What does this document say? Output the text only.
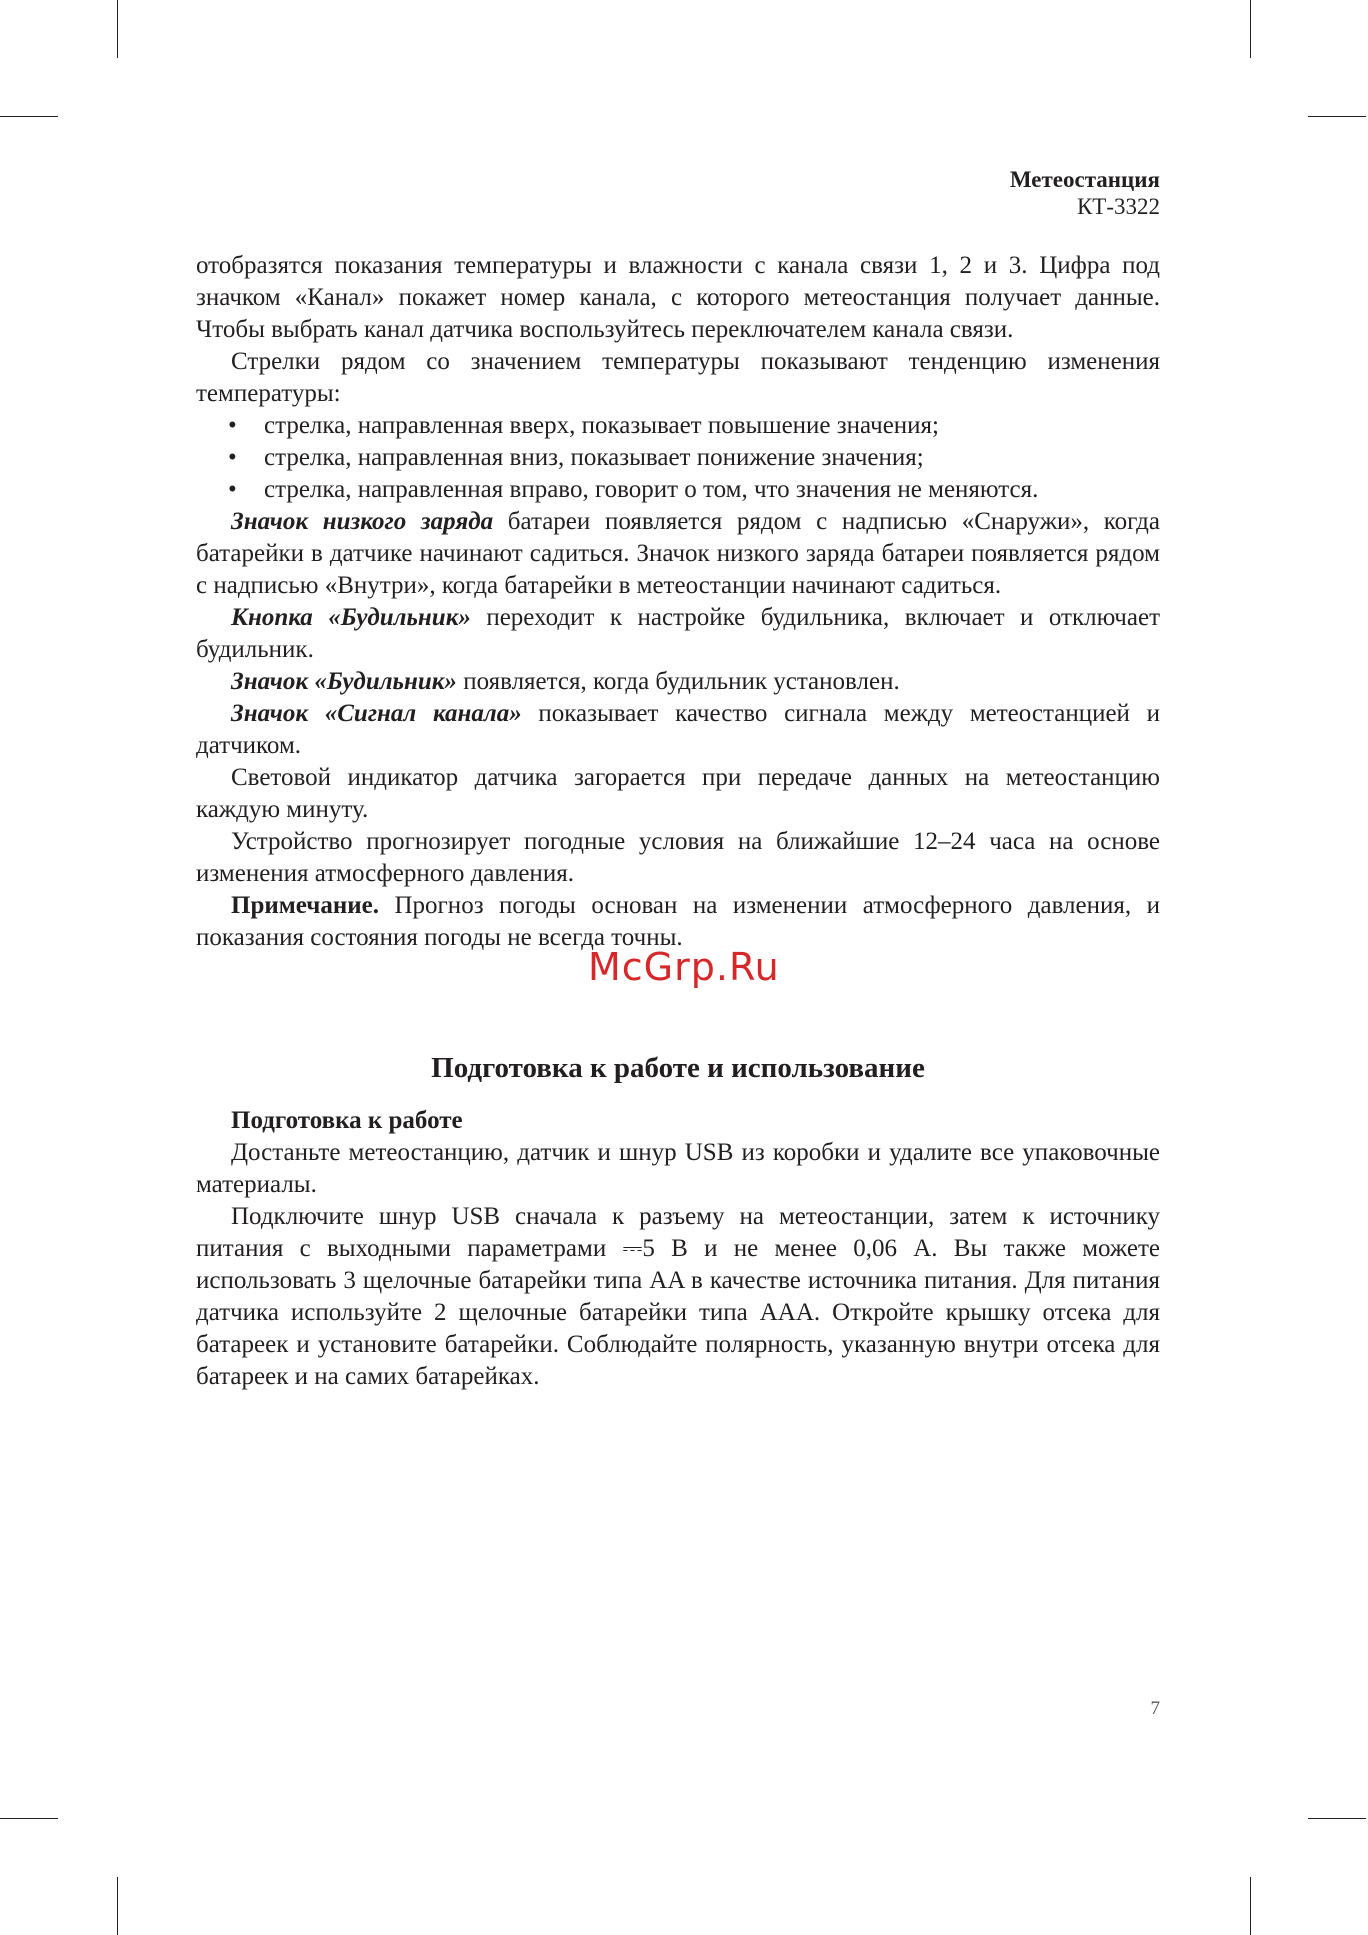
Метеостанция
КТ-3322

отобразятся показания температуры и влажности с канала связи 1, 2 и 3. Цифра под значком «Канал» покажет номер канала, с которого метеостанция получает данные. Чтобы выбрать канал датчика воспользуйтесь переключателем канала связи.

Стрелки рядом со значением температуры показывают тенденцию изменения температуры:

• стрелка, направленная вверх, показывает повышение значения;
• стрелка, направленная вниз, показывает понижение значения;
• стрелка, направленная вправо, говорит о том, что значения не меняются.

Значок низкого заряда батареи появляется рядом с надписью «Снаружи», когда батарейки в датчике начинают садиться. Значок низкого заряда батареи появляется рядом с надписью «Внутри», когда батарейки в метеостанции начинают садиться.

Кнопка «Будильник» переходит к настройке будильника, включает и отключает будильник.

Значок «Будильник» появляется, когда будильник установлен.

Значок «Сигнал канала» показывает качество сигнала между метеостанцией и датчиком.

Световой индикатор датчика загорается при передаче данных на метеостанцию каждую минуту.

Устройство прогнозирует погодные условия на ближайшие 12–24 часа на основе изменения атмосферного давления.

Примечание. Прогноз погоды основан на изменении атмосферного давления, и показания состояния погоды не всегда точны.

Подготовка к работе и использование

Подготовка к работе

Достаньте метеостанцию, датчик и шнур USB из коробки и удалите все упаковочные материалы.

Подключите шнур USB сначала к разъему на метеостанции, затем к источнику питания с выходными параметрами ⎓5 В и не менее 0,06 А. Вы также можете использовать 3 щелочные батарейки типа AA в качестве источника питания. Для питания датчика используйте 2 щелочные батарейки типа AAA. Откройте крышку отсека для батареек и установите батарейки. Соблюдайте полярность, указанную внутри отсека для батареек и на самих батарейках.

McGrp.Ru
7
